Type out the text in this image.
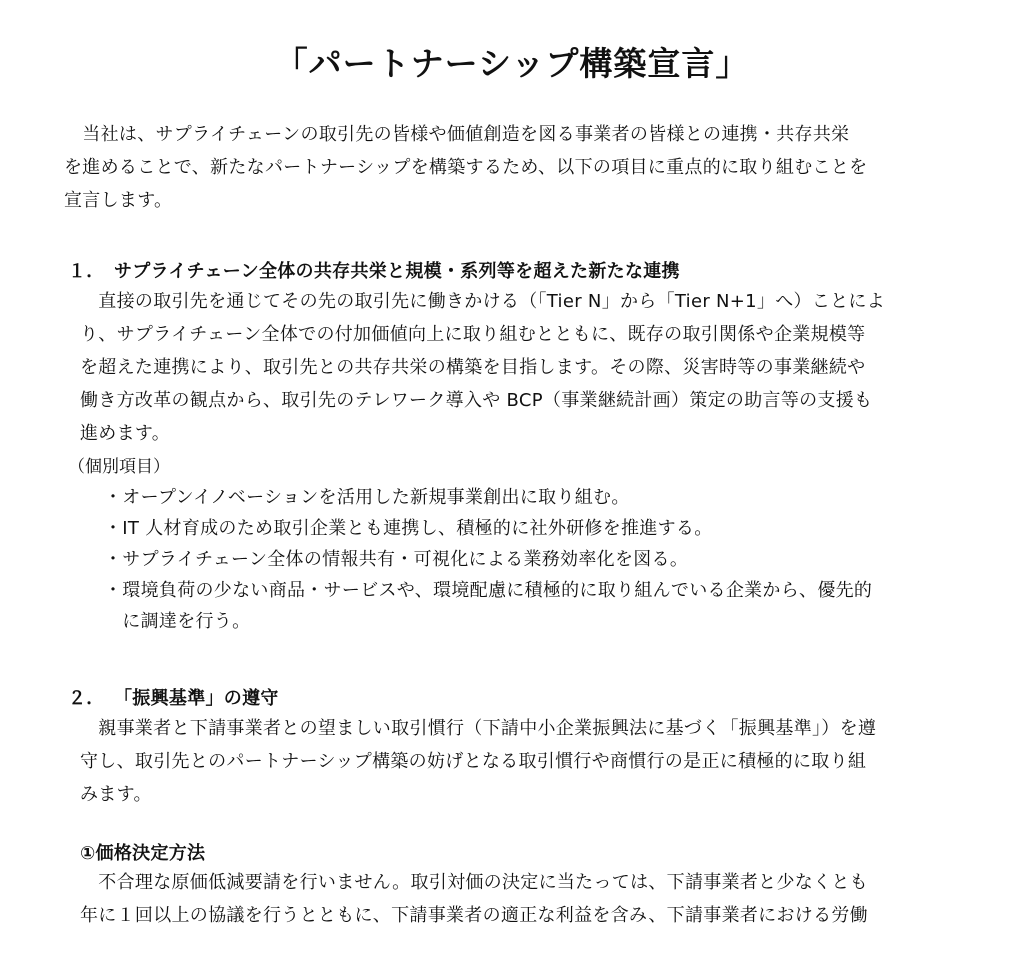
「パートナーシップ構築宣言」
　当社は、サプライチェーンの取引先の皆様や価値創造を図る事業者の皆様との連携・共存共栄
を進めることで、新たなパートナーシップを構築するため、以下の項目に重点的に取り組むことを
宣言します。
１． サプライチェーン全体の共存共栄と規模・系列等を超えた新たな連携
　直接の取引先を通じてその先の取引先に働きかける（「Tier N」から「Tier N+1」へ）ことによ
り、サプライチェーン全体での付加価値向上に取り組むとともに、既存の取引関係や企業規模等
を超えた連携により、取引先との共存共栄の構築を目指します。その際、災害時等の事業継続や
働き方改革の観点から、取引先のテレワーク導入や BCP（事業継続計画）策定の助言等の支援も
進めます。
（個別項目）
・オープンイノベーションを活用した新規事業創出に取り組む。
・IT 人材育成のため取引企業とも連携し、積極的に社外研修を推進する。
・サプライチェーン全体の情報共有・可視化による業務効率化を図る。
・環境負荷の少ない商品・サービスや、環境配慮に積極的に取り組んでいる企業から、優先的
　に調達を行う。
２． 「振興基準」の遵守
　親事業者と下請事業者との望ましい取引慣行（下請中小企業振興法に基づく「振興基準」）を遵
守し、取引先とのパートナーシップ構築の妨げとなる取引慣行や商慣行の是正に積極的に取り組
みます。
①価格決定方法
　不合理な原価低減要請を行いません。取引対価の決定に当たっては、下請事業者と少なくとも
年に１回以上の協議を行うとともに、下請事業者の適正な利益を含み、下請事業者における労働
